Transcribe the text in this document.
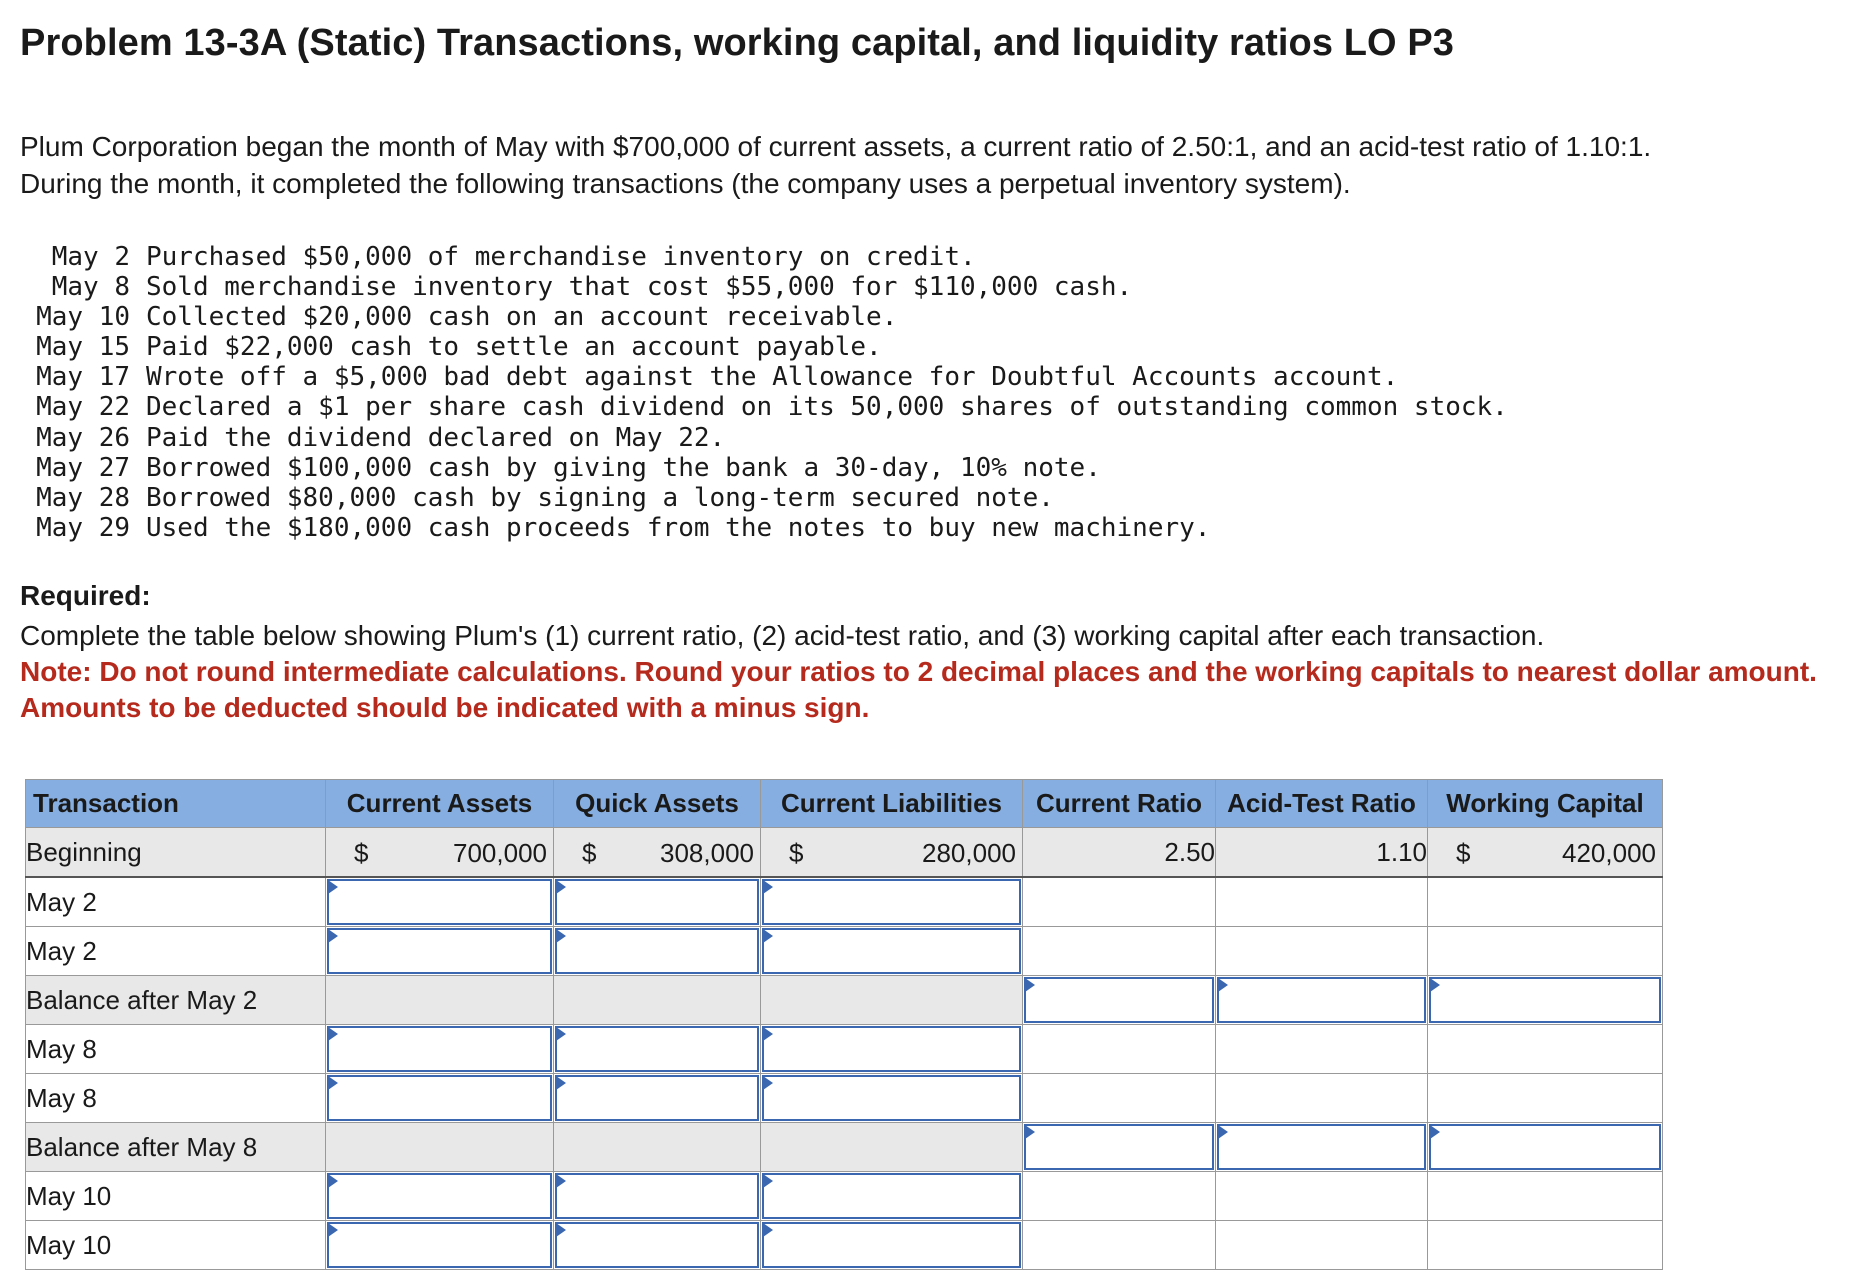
Problem 13-3A (Static) Transactions, working capital, and liquidity ratios LO P3

Plum Corporation began the month of May with $700,000 of current assets, a current ratio of 2.50:1, and an acid-test ratio of 1.10:1.

During the month, it completed the following transactions (the company uses a perpetual inventory system).

May 2 Purchased $50,000 of merchandise inventory on credit.
May 8 Sold merchandise inventory that cost $55,000 for $110,000 cash.
May 10 Collected $20,000 cash on an account receivable.
May 15 Paid $22,000 cash to settle an account payable.
May 17 Wrote off a $5,000 bad debt against the Allowance for Doubtful Accounts account.
May 22 Declared a $1 per share cash dividend on its 50,000 shares of outstanding common stock.
May 26 Paid the dividend declared on May 22.
May 27 Borrowed $100,000 cash by giving the bank a 30-day, 10% note.
May 28 Borrowed $80,000 cash by signing a long-term secured note.
May 29 Used the $180,000 cash proceeds from the notes to buy new machinery.
Required:
Complete the table below showing Plum's (1) current ratio, (2) acid-test ratio, and (3) working capital after each transaction.
Note: Do not round intermediate calculations. Round your ratios to 2 decimal places and the working capitals to nearest dollar amount. Amounts to be deducted should be indicated with a minus sign.
Transaction	Current Assets	Quick Assets	Current Liabilities	Current Ratio	Acid-Test Ratio	Working Capital
Beginning	$ 700,000	$ 308,000	$ 280,000	2.50	1.10	$ 420,000

May 2	

May 2	

Balance after May 2				

May 8	

May 8	

Balance after May 8				

May 10	

May 10	
